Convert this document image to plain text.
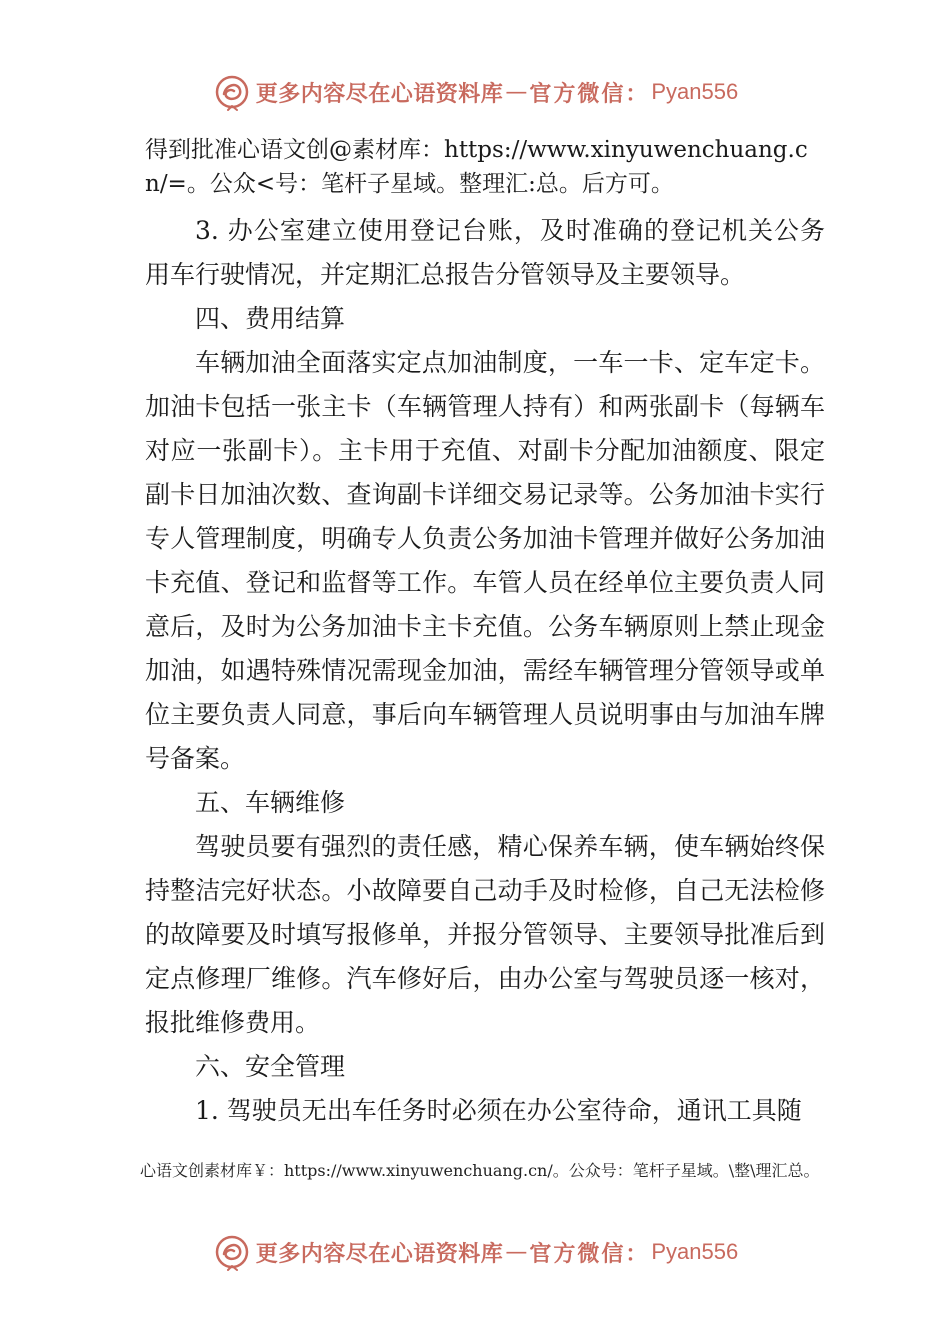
更多内容尽在心语资料库 — 官方微信： Pyan556

得到批准心语文创@素材库：https://www.xinyuwenchuang.cn/=。公众<号：笔杆子星域。整理汇:总。后方可。

3. 办公室建立使用登记台账，及时准确的登记机关公务用车行驶情况，并定期汇总报告分管领导及主要领导。

四、费用结算

车辆加油全面落实定点加油制度，一车一卡、定车定卡。加油卡包括一张主卡（车辆管理人持有）和两张副卡（每辆车对应一张副卡）。主卡用于充值、对副卡分配加油额度、限定副卡日加油次数、查询副卡详细交易记录等。公务加油卡实行专人管理制度，明确专人负责公务加油卡管理并做好公务加油卡充值、登记和监督等工作。车管人员在经单位主要负责人同意后，及时为公务加油卡主卡充值。公务车辆原则上禁止现金加油，如遇特殊情况需现金加油，需经车辆管理分管领导或单位主要负责人同意，事后向车辆管理人员说明事由与加油车牌号备案。

五、车辆维修

驾驶员要有强烈的责任感，精心保养车辆，使车辆始终保持整洁完好状态。小故障要自己动手及时检修，自己无法检修的故障要及时填写报修单，并报分管领导、主要领导批准后到定点修理厂维修。汽车修好后，由办公室与驾驶员逐一核对，报批维修费用。

六、安全管理

1. 驾驶员无出车任务时必须在办公室待命，通讯工具随

心语文创素材库￥：https://www.xinyuwenchuang.cn/。公众号：笔杆子星域。\整\理汇总。
更多内容尽在心语资料库 — 官方微信： Pyan556
